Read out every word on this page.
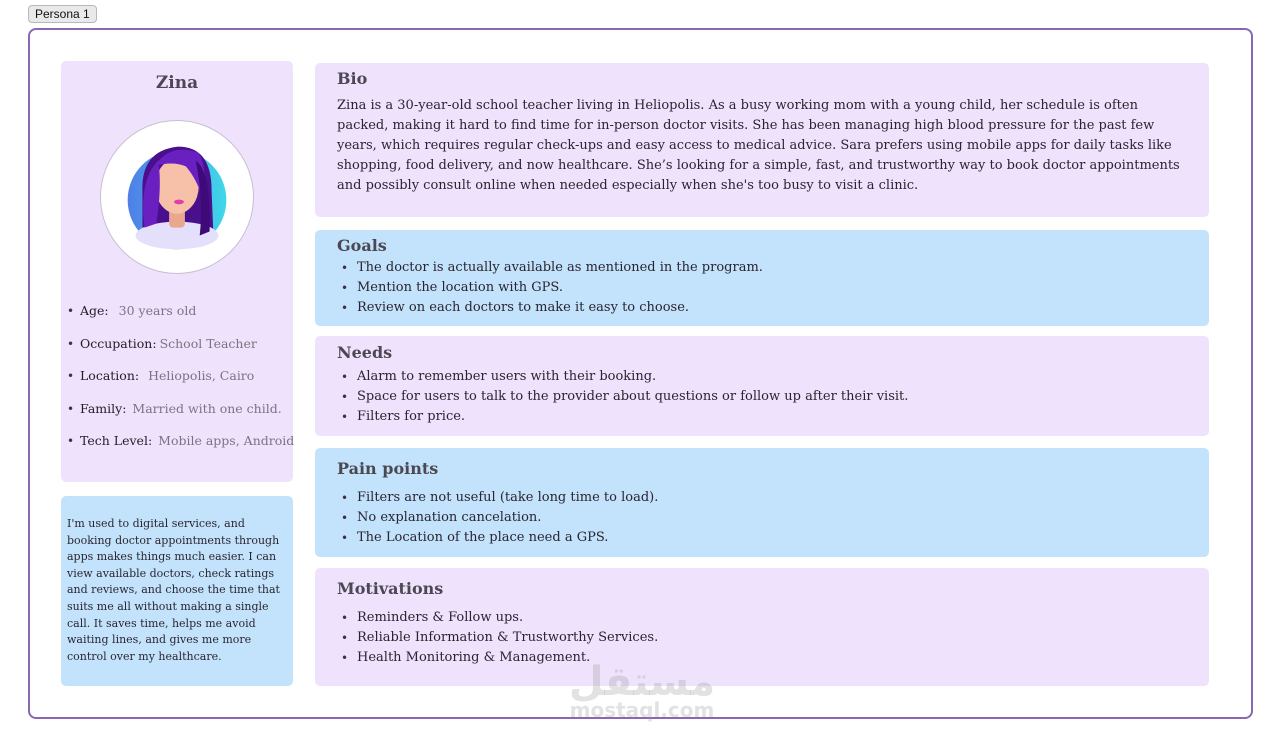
Persona 1
Zina
• Age: 30 years old
• Occupation: School Teacher
• Location: Heliopolis, Cairo
• Family: Married with one child.
• Tech Level: Mobile apps, Android

I'm used to digital services, and booking doctor appointments through apps makes things much easier. I can view available doctors, check ratings and reviews, and choose the time that suits me all without making a single call. It saves time, helps me avoid waiting lines, and gives me more control over my healthcare.

Bio

Zina is a 30-year-old school teacher living in Heliopolis. As a busy working mom with a young child, her schedule is often packed, making it hard to find time for in-person doctor visits. She has been managing high blood pressure for the past few years, which requires regular check-ups and easy access to medical advice. Sara prefers using mobile apps for daily tasks like shopping, food delivery, and now healthcare. She’s looking for a simple, fast, and trustworthy way to book doctor appointments and possibly consult online when needed especially when she's too busy to visit a clinic.

Goals
• The doctor is actually available as mentioned in the program.
• Mention the location with GPS.
• Review on each doctors to make it easy to choose.
Needs
• Alarm to remember users with their booking.
• Space for users to talk to the provider about questions or follow up after their visit.
• Filters for price.
Pain points
• Filters are not useful (take long time to load).
• No explanation cancelation.
• The Location of the place need a GPS.
Motivations
• Reminders & Follow ups.
• Reliable Information & Trustworthy Services.
• Health Monitoring & Management.
مستقل
mostaql.com
